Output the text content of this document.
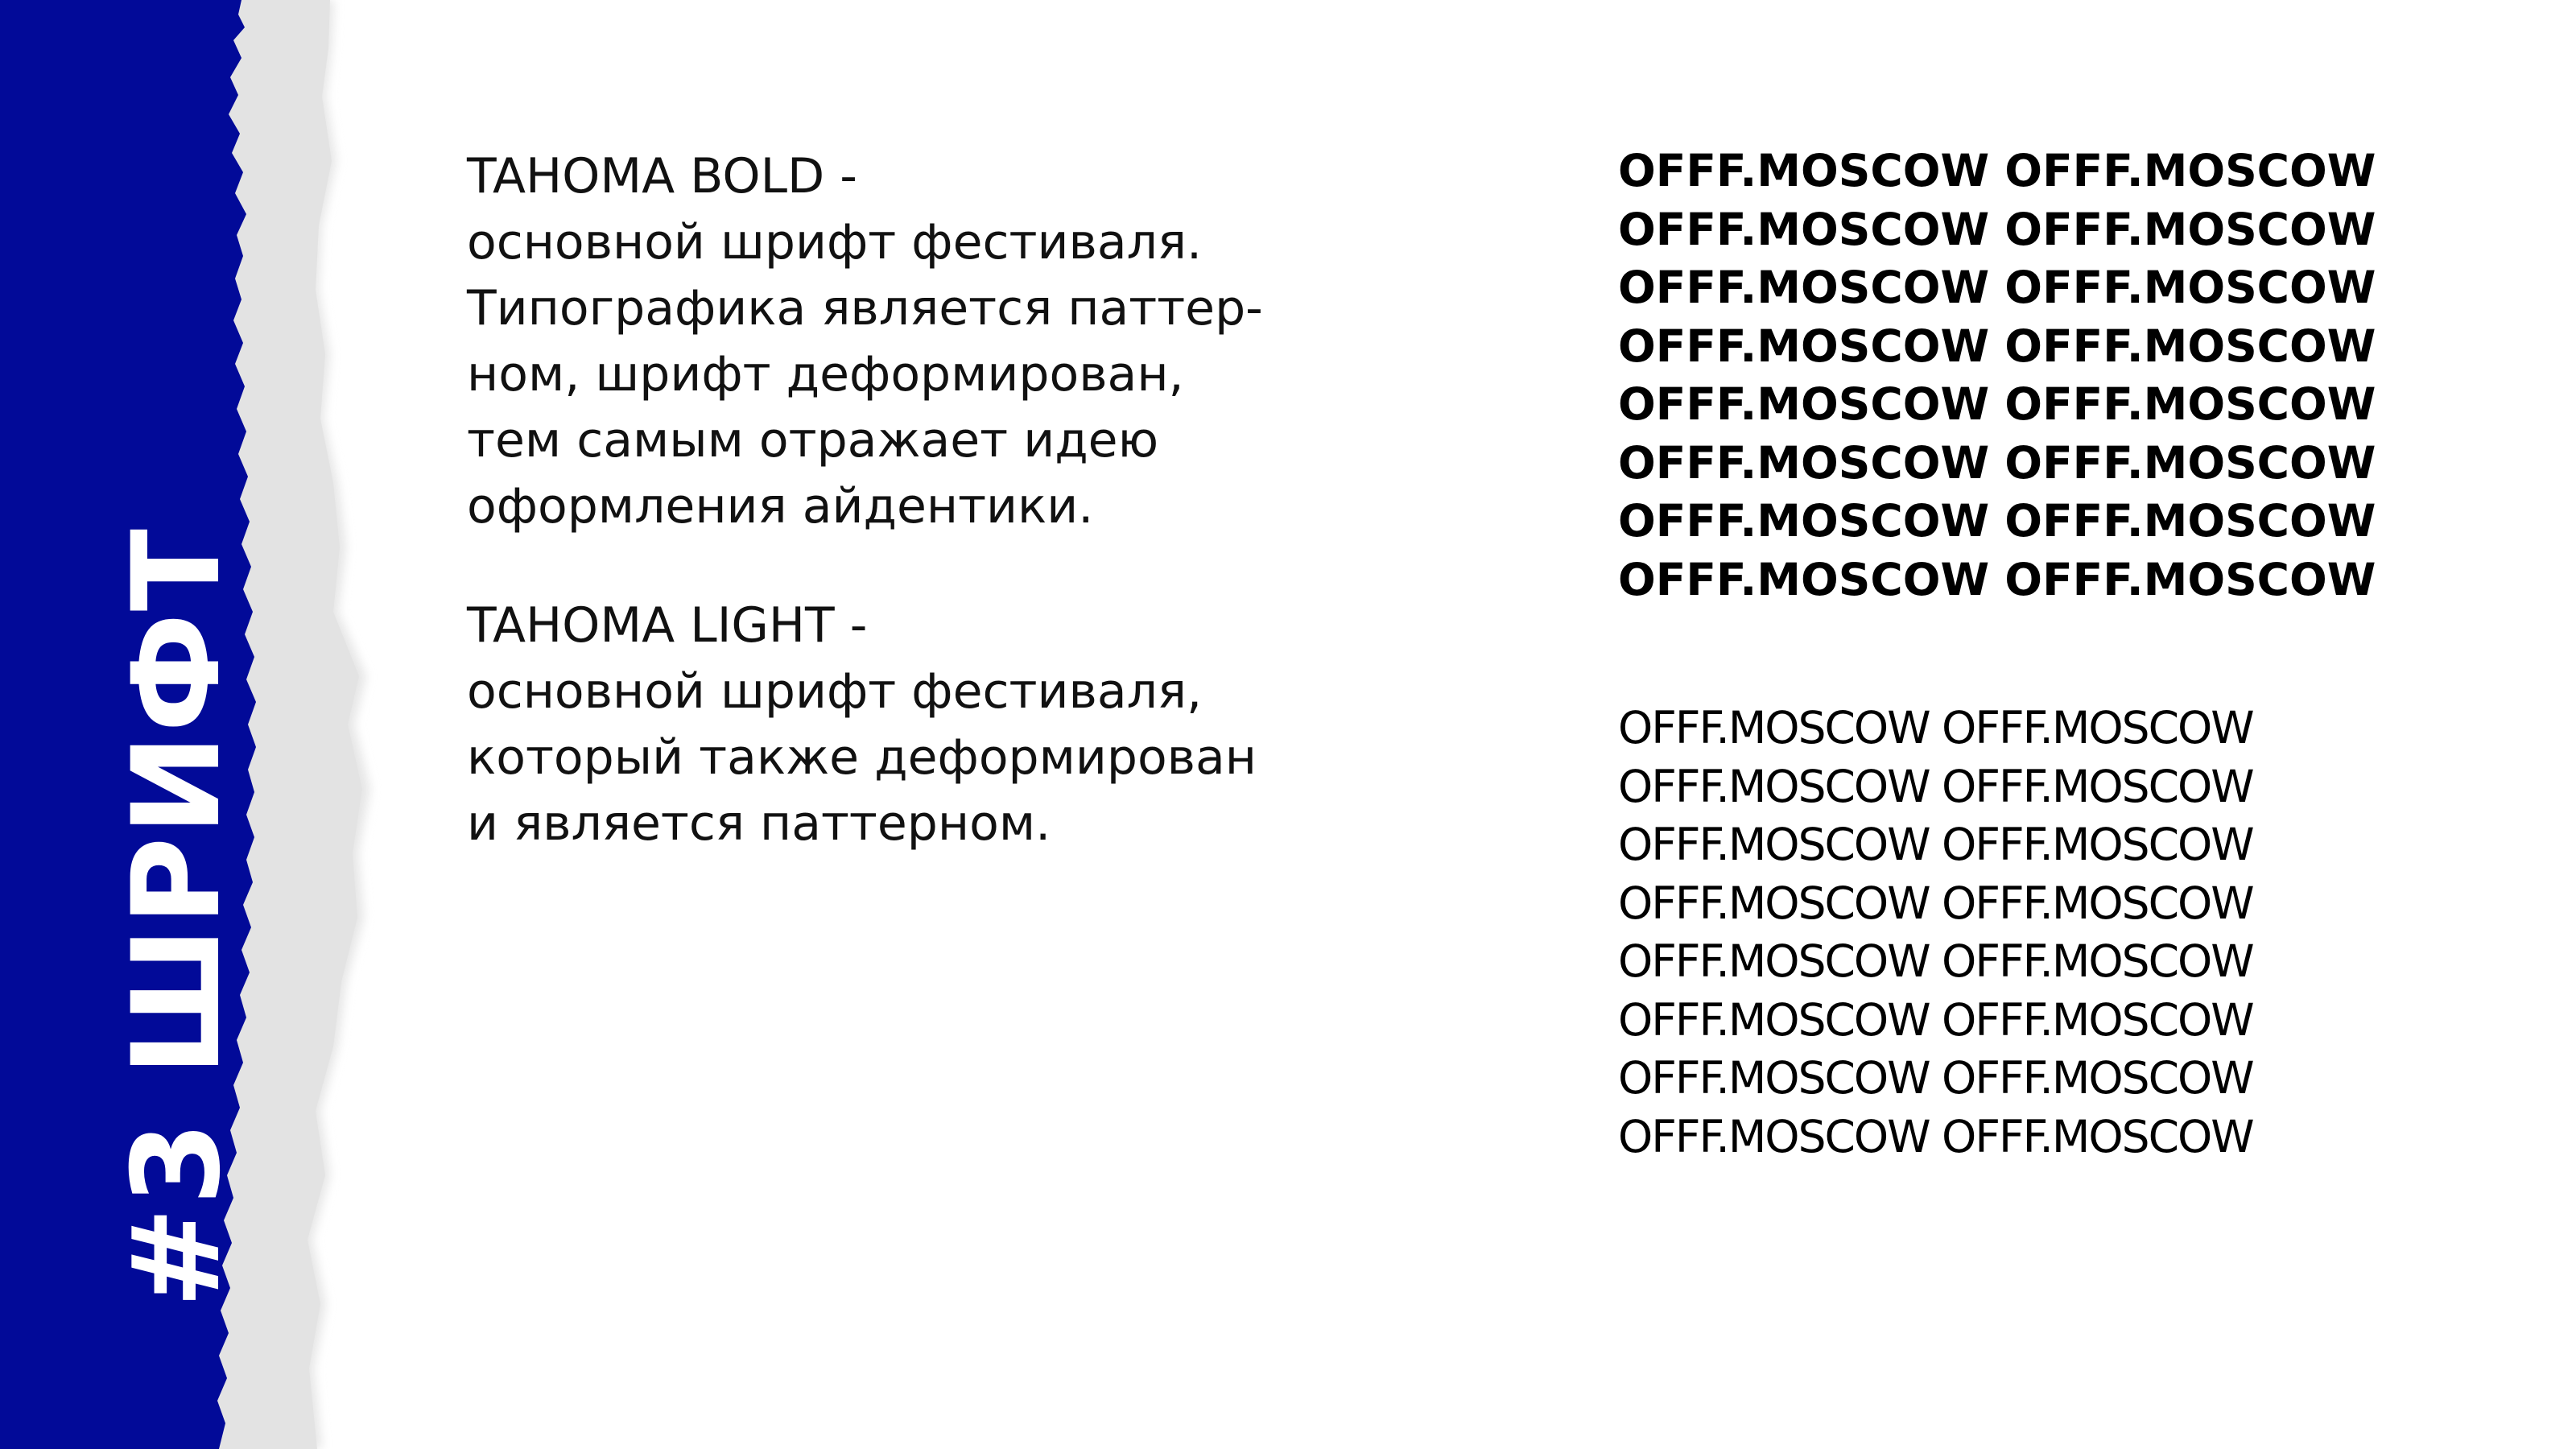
#3 ШРИФТ
TAHOMA BOLD -
основной шрифт фестиваля.
Типографика является паттер-
ном, шрифт деформирован,
тем самым отражает идею
оформления айдентики.
TAHOMA LIGHT -
основной шрифт фестиваля,
который также деформирован
и является паттерном.
OFFF.MOSCOW OFFF.MOSCOW
OFFF.MOSCOW OFFF.MOSCOW
OFFF.MOSCOW OFFF.MOSCOW
OFFF.MOSCOW OFFF.MOSCOW
OFFF.MOSCOW OFFF.MOSCOW
OFFF.MOSCOW OFFF.MOSCOW
OFFF.MOSCOW OFFF.MOSCOW
OFFF.MOSCOW OFFF.MOSCOW
OFFF.MOSCOW OFFF.MOSCOW
OFFF.MOSCOW OFFF.MOSCOW
OFFF.MOSCOW OFFF.MOSCOW
OFFF.MOSCOW OFFF.MOSCOW
OFFF.MOSCOW OFFF.MOSCOW
OFFF.MOSCOW OFFF.MOSCOW
OFFF.MOSCOW OFFF.MOSCOW
OFFF.MOSCOW OFFF.MOSCOW
